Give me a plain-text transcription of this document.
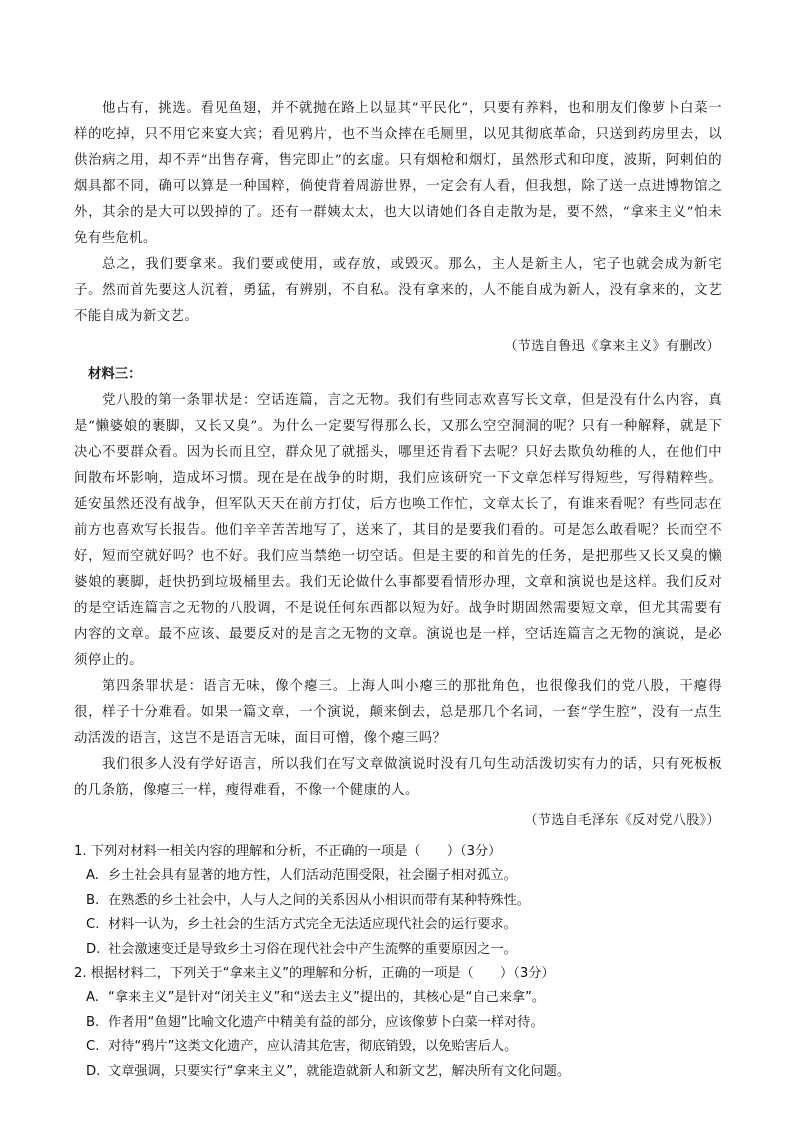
他占有，挑选。看见鱼翅，并不就抛在路上以显其“平民化”，只要有养料，也和朋友们像萝卜白菜一样的吃掉，只不用它来宴大宾；看见鸦片，也不当众摔在毛厕里，以见其彻底革命，只送到药房里去，以供治病之用，却不弄“出售存膏，售完即止”的玄虚。只有烟枪和烟灯，虽然形式和印度，波斯，阿剌伯的烟具都不同，确可以算是一种国粹，倘使背着周游世界，一定会有人看，但我想，除了送一点进博物馆之外，其余的是大可以毁掉的了。还有一群姨太太，也大以请她们各自走散为是，要不然，“拿来主义”怕未免有些危机。

总之，我们要拿来。我们要或使用，或存放，或毁灭。那么，主人是新主人，宅子也就会成为新宅子。然而首先要这人沉着，勇猛，有辨别，不自私。没有拿来的，人不能自成为新人，没有拿来的，文艺不能自成为新文艺。

（节选自鲁迅《拿来主义》有删改）
材料三：

党八股的第一条罪状是：空话连篇，言之无物。我们有些同志欢喜写长文章，但是没有什么内容，真是“懒婆娘的裹脚，又长又臭”。为什么一定要写得那么长，又那么空空洞洞的呢？只有一种解释，就是下决心不要群众看。因为长而且空，群众见了就摇头，哪里还肯看下去呢？只好去欺负幼稚的人，在他们中间散布坏影响，造成坏习惯。现在是在战争的时期，我们应该研究一下文章怎样写得短些，写得精粹些。延安虽然还没有战争，但军队天天在前方打仗，后方也唤工作忙，文章太长了，有谁来看呢？有些同志在前方也喜欢写长报告。他们辛辛苦苦地写了，送来了，其目的是要我们看的。可是怎么敢看呢？长而空不好，短而空就好吗？也不好。我们应当禁绝一切空话。但是主要的和首先的任务，是把那些又长又臭的懒婆娘的裹脚，赶快扔到垃圾桶里去。我们无论做什么事都要看情形办理，文章和演说也是这样。我们反对的是空话连篇言之无物的八股调，不是说任何东西都以短为好。战争时期固然需要短文章，但尤其需要有内容的文章。最不应该、最要反对的是言之无物的文章。演说也是一样，空话连篇言之无物的演说，是必须停止的。

第四条罪状是：语言无味，像个瘪三。上海人叫小瘪三的那批角色，也很像我们的党八股，干瘪得很，样子十分难看。如果一篇文章，一个演说，颠来倒去，总是那几个名词，一套“学生腔”，没有一点生动活泼的语言，这岂不是语言无味，面目可憎，像个瘪三吗？

我们很多人没有学好语言，所以我们在写文章做演说时没有几句生动活泼切实有力的话，只有死板板的几条筋，像瘪三一样，瘦得难看，不像一个健康的人。

（节选自毛泽东《反对党八股》）

1. 下列对材料一相关内容的理解和分析，不正确的一项是（　　）（3分）

A. 乡土社会具有显著的地方性，人们活动范围受限，社会圈子相对孤立。

B. 在熟悉的乡土社会中，人与人之间的关系因从小相识而带有某种特殊性。

C. 材料一认为，乡土社会的生活方式完全无法适应现代社会的运行要求。

D. 社会激速变迁是导致乡土习俗在现代社会中产生流弊的重要原因之一。

2. 根据材料二，下列关于“拿来主义”的理解和分析，正确的一项是（　　）（3分）

A. “拿来主义”是针对“闭关主义”和“送去主义”提出的，其核心是“自己来拿”。

B. 作者用“鱼翅”比喻文化遗产中精美有益的部分，应该像萝卜白菜一样对待。

C. 对待“鸦片”这类文化遗产，应认清其危害，彻底销毁，以免贻害后人。

D. 文章强调，只要实行“拿来主义”，就能造就新人和新文艺，解决所有文化问题。
